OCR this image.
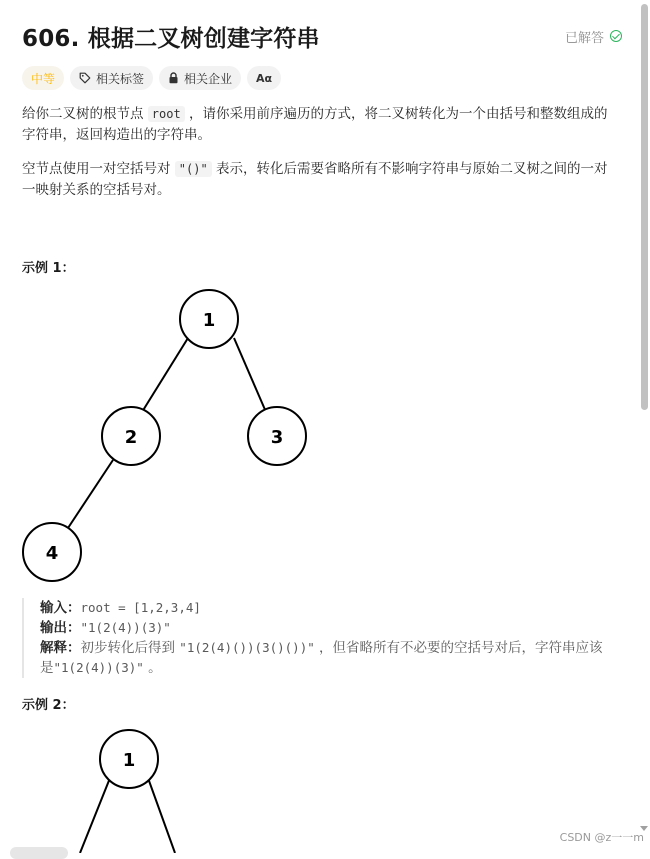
606. 根据二叉树创建字符串	已解答
中等	相关标签	相关企业 Aα
给你二叉树的根节点 root ，请你采用前序遍历的方式，将二叉树转化为一个由括号和整数组成的字符串，返回构造出的字符串。
空节点使用一对空括号对 "()" 表示，转化后需要省略所有不影响字符串与原始二叉树之间的一对一映射关系的空括号对。
示例 1：
1
2	3
4
输入：root = [1,2,3,4]
输出："1(2(4))(3)"
解释：初步转化后得到 "1(2(4)())(3()())" ，但省略所有不必要的空括号对后，字符串应该是"1(2(4))(3)" 。
示例 2：
1
CSDN @z一一m
